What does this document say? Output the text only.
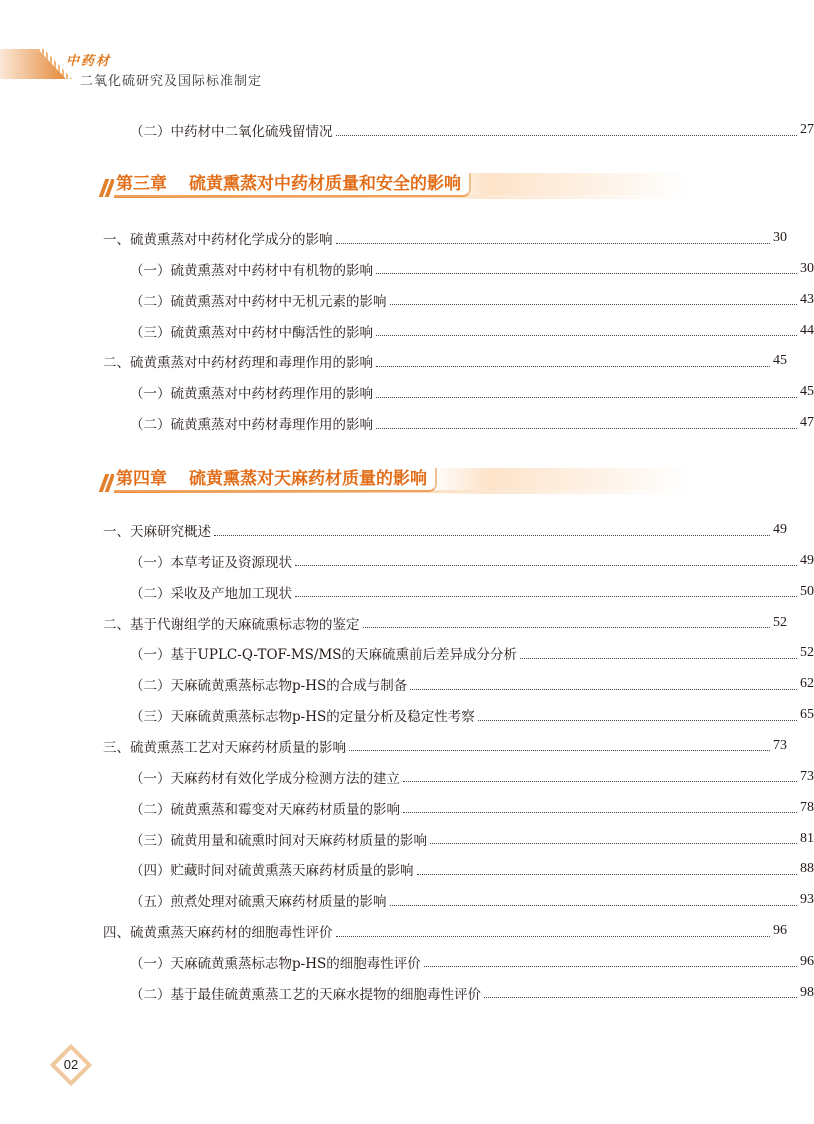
中药材
二氧化硫研究及国际标准制定
（二）中药材中二氧化硫残留情况	27
第三章 硫黄熏蒸对中药材质量和安全的影响
一、硫黄熏蒸对中药材化学成分的影响	30
（一）硫黄熏蒸对中药材中有机物的影响	30
（二）硫黄熏蒸对中药材中无机元素的影响	43
（三）硫黄熏蒸对中药材中酶活性的影响	44
二、硫黄熏蒸对中药材药理和毒理作用的影响	45
（一）硫黄熏蒸对中药材药理作用的影响	45
（二）硫黄熏蒸对中药材毒理作用的影响	47
第四章 硫黄熏蒸对天麻药材质量的影响
一、天麻研究概述	49
（一）本草考证及资源现状	49
（二）采收及产地加工现状	50
二、基于代谢组学的天麻硫熏标志物的鉴定	52
（一）基于UPLC-Q-TOF-MS/MS的天麻硫熏前后差异成分分析	52
（二）天麻硫黄熏蒸标志物p-HS的合成与制备	62
（三）天麻硫黄熏蒸标志物p-HS的定量分析及稳定性考察	65
三、硫黄熏蒸工艺对天麻药材质量的影响	73
（一）天麻药材有效化学成分检测方法的建立	73
（二）硫黄熏蒸和霉变对天麻药材质量的影响	78
（三）硫黄用量和硫熏时间对天麻药材质量的影响	81
（四）贮藏时间对硫黄熏蒸天麻药材质量的影响	88
（五）煎煮处理对硫熏天麻药材质量的影响	93
四、硫黄熏蒸天麻药材的细胞毒性评价	96
（一）天麻硫黄熏蒸标志物p-HS的细胞毒性评价	96
（二）基于最佳硫黄熏蒸工艺的天麻水提物的细胞毒性评价	98
02
